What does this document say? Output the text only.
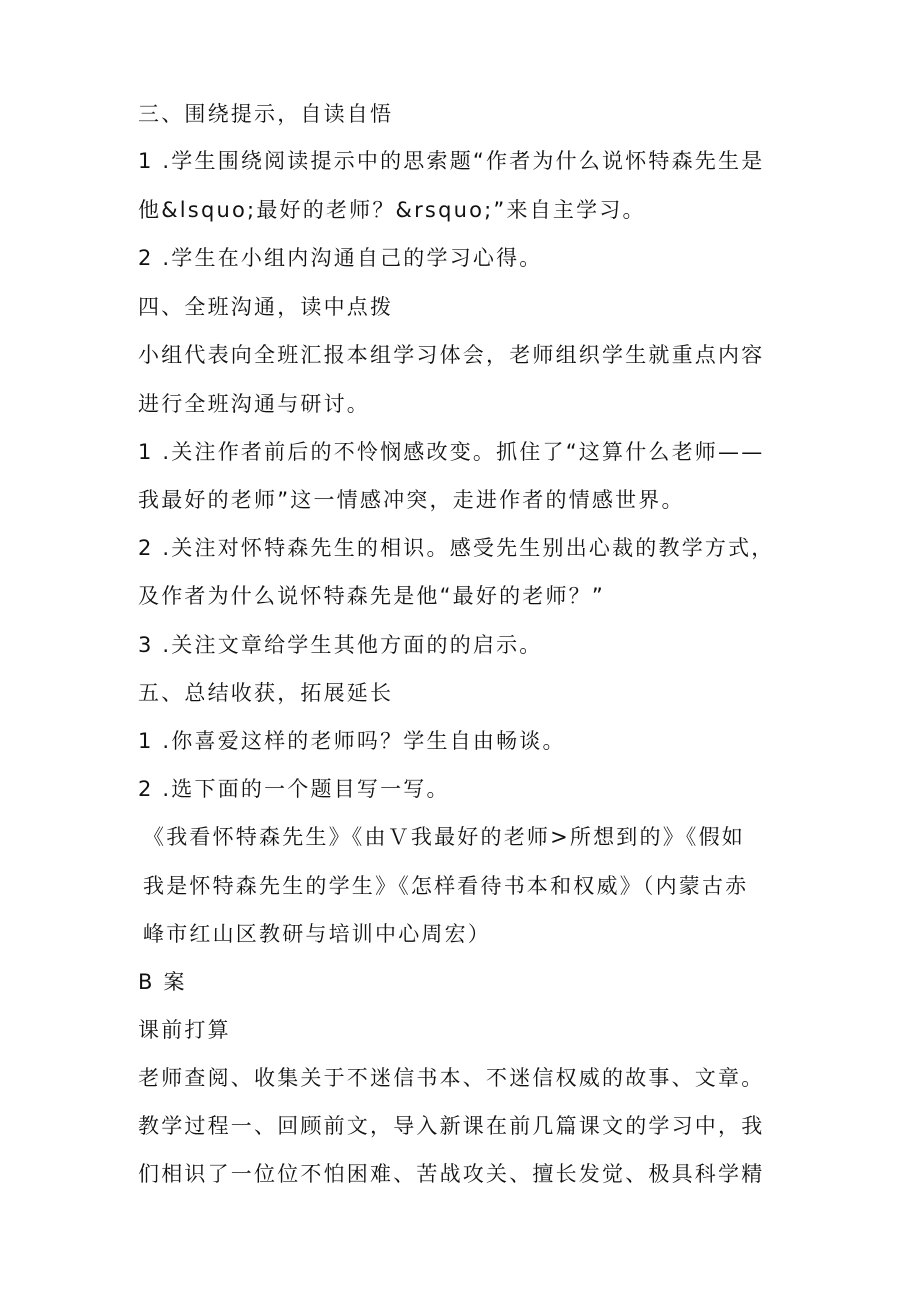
三、围绕提示，自读自悟
1 .学生围绕阅读提示中的思索题“作者为什么说怀特森先生是
他&lsquo;最好的老师？&rsquo;”来自主学习。
2 .学生在小组内沟通自己的学习心得。
四、全班沟通，读中点拨
小组代表向全班汇报本组学习体会，老师组织学生就重点内容
进行全班沟通与研讨。
1 .关注作者前后的不怜悯感改变。抓住了“这算什么老师——
我最好的老师”这一情感冲突，走进作者的情感世界。
2 .关注对怀特森先生的相识。感受先生别出心裁的教学方式，
及作者为什么说怀特森先是他“最好的老师？”
3 .关注文章给学生其他方面的的启示。
五、总结收获，拓展延长
1 .你喜爱这样的老师吗？学生自由畅谈。
2 .选下面的一个题目写一写。
《我看怀特森先生》《由Ｖ我最好的老师>所想到的》《假如
我是怀特森先生的学生》《怎样看待书本和权威》（内蒙古赤
峰市红山区教研与培训中心周宏）
B 案
课前打算
老师查阅、收集关于不迷信书本、不迷信权威的故事、文章。
教学过程一、回顾前文，导入新课在前几篇课文的学习中，我
们相识了一位位不怕困难、苦战攻关、擅长发觉、极具科学精
